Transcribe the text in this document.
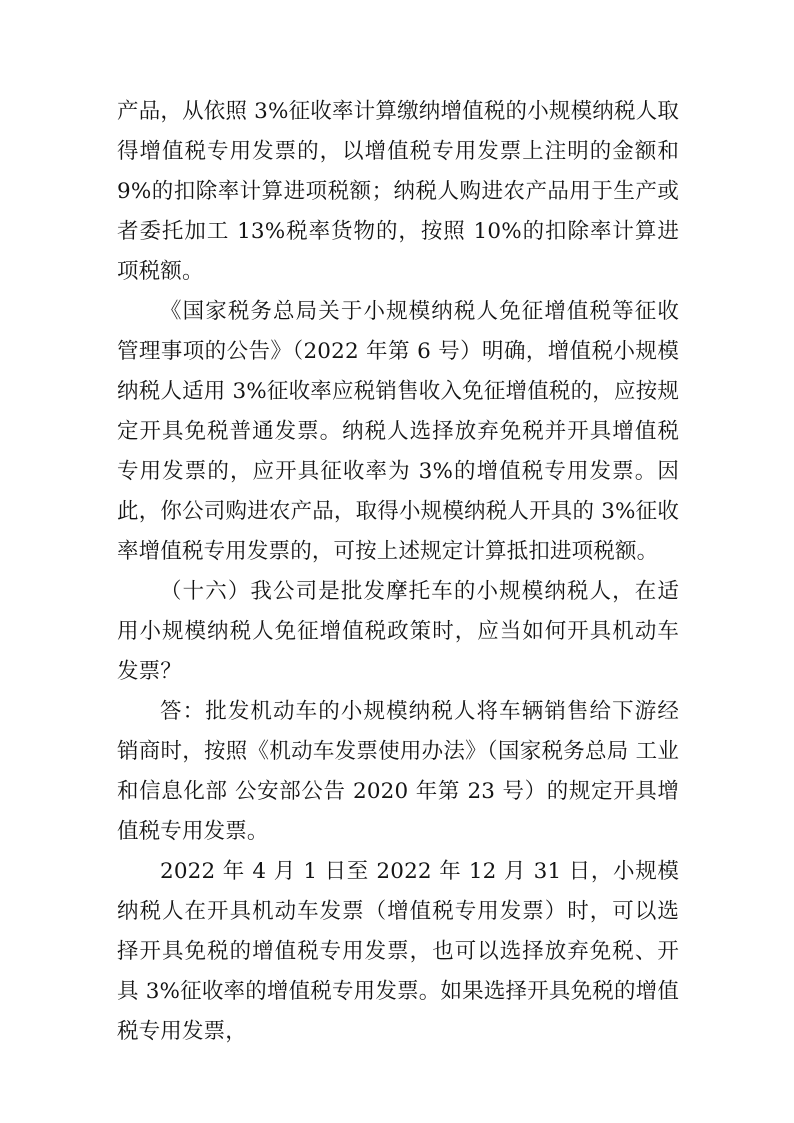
产品，从依照 3%征收率计算缴纳增值税的小规模纳税人取得增值税专用发票的，以增值税专用发票上注明的金额和 9%的扣除率计算进项税额；纳税人购进农产品用于生产或者委托加工 13%税率货物的，按照 10%的扣除率计算进项税额。

《国家税务总局关于小规模纳税人免征增值税等征收管理事项的公告》（2022 年第 6 号）明确，增值税小规模纳税人适用 3%征收率应税销售收入免征增值税的，应按规定开具免税普通发票。纳税人选择放弃免税并开具增值税专用发票的，应开具征收率为 3%的增值税专用发票。因此，你公司购进农产品，取得小规模纳税人开具的 3%征收率增值税专用发票的，可按上述规定计算抵扣进项税额。

（十六）我公司是批发摩托车的小规模纳税人，在适用小规模纳税人免征增值税政策时，应当如何开具机动车发票？

答：批发机动车的小规模纳税人将车辆销售给下游经销商时，按照《机动车发票使用办法》（国家税务总局 工业和信息化部 公安部公告 2020 年第 23 号）的规定开具增值税专用发票。

2022 年 4 月 1 日至 2022 年 12 月 31 日，小规模纳税人在开具机动车发票（增值税专用发票）时，可以选择开具免税的增值税专用发票，也可以选择放弃免税、开具 3%征收率的增值税专用发票。如果选择开具免税的增值税专用发票，
